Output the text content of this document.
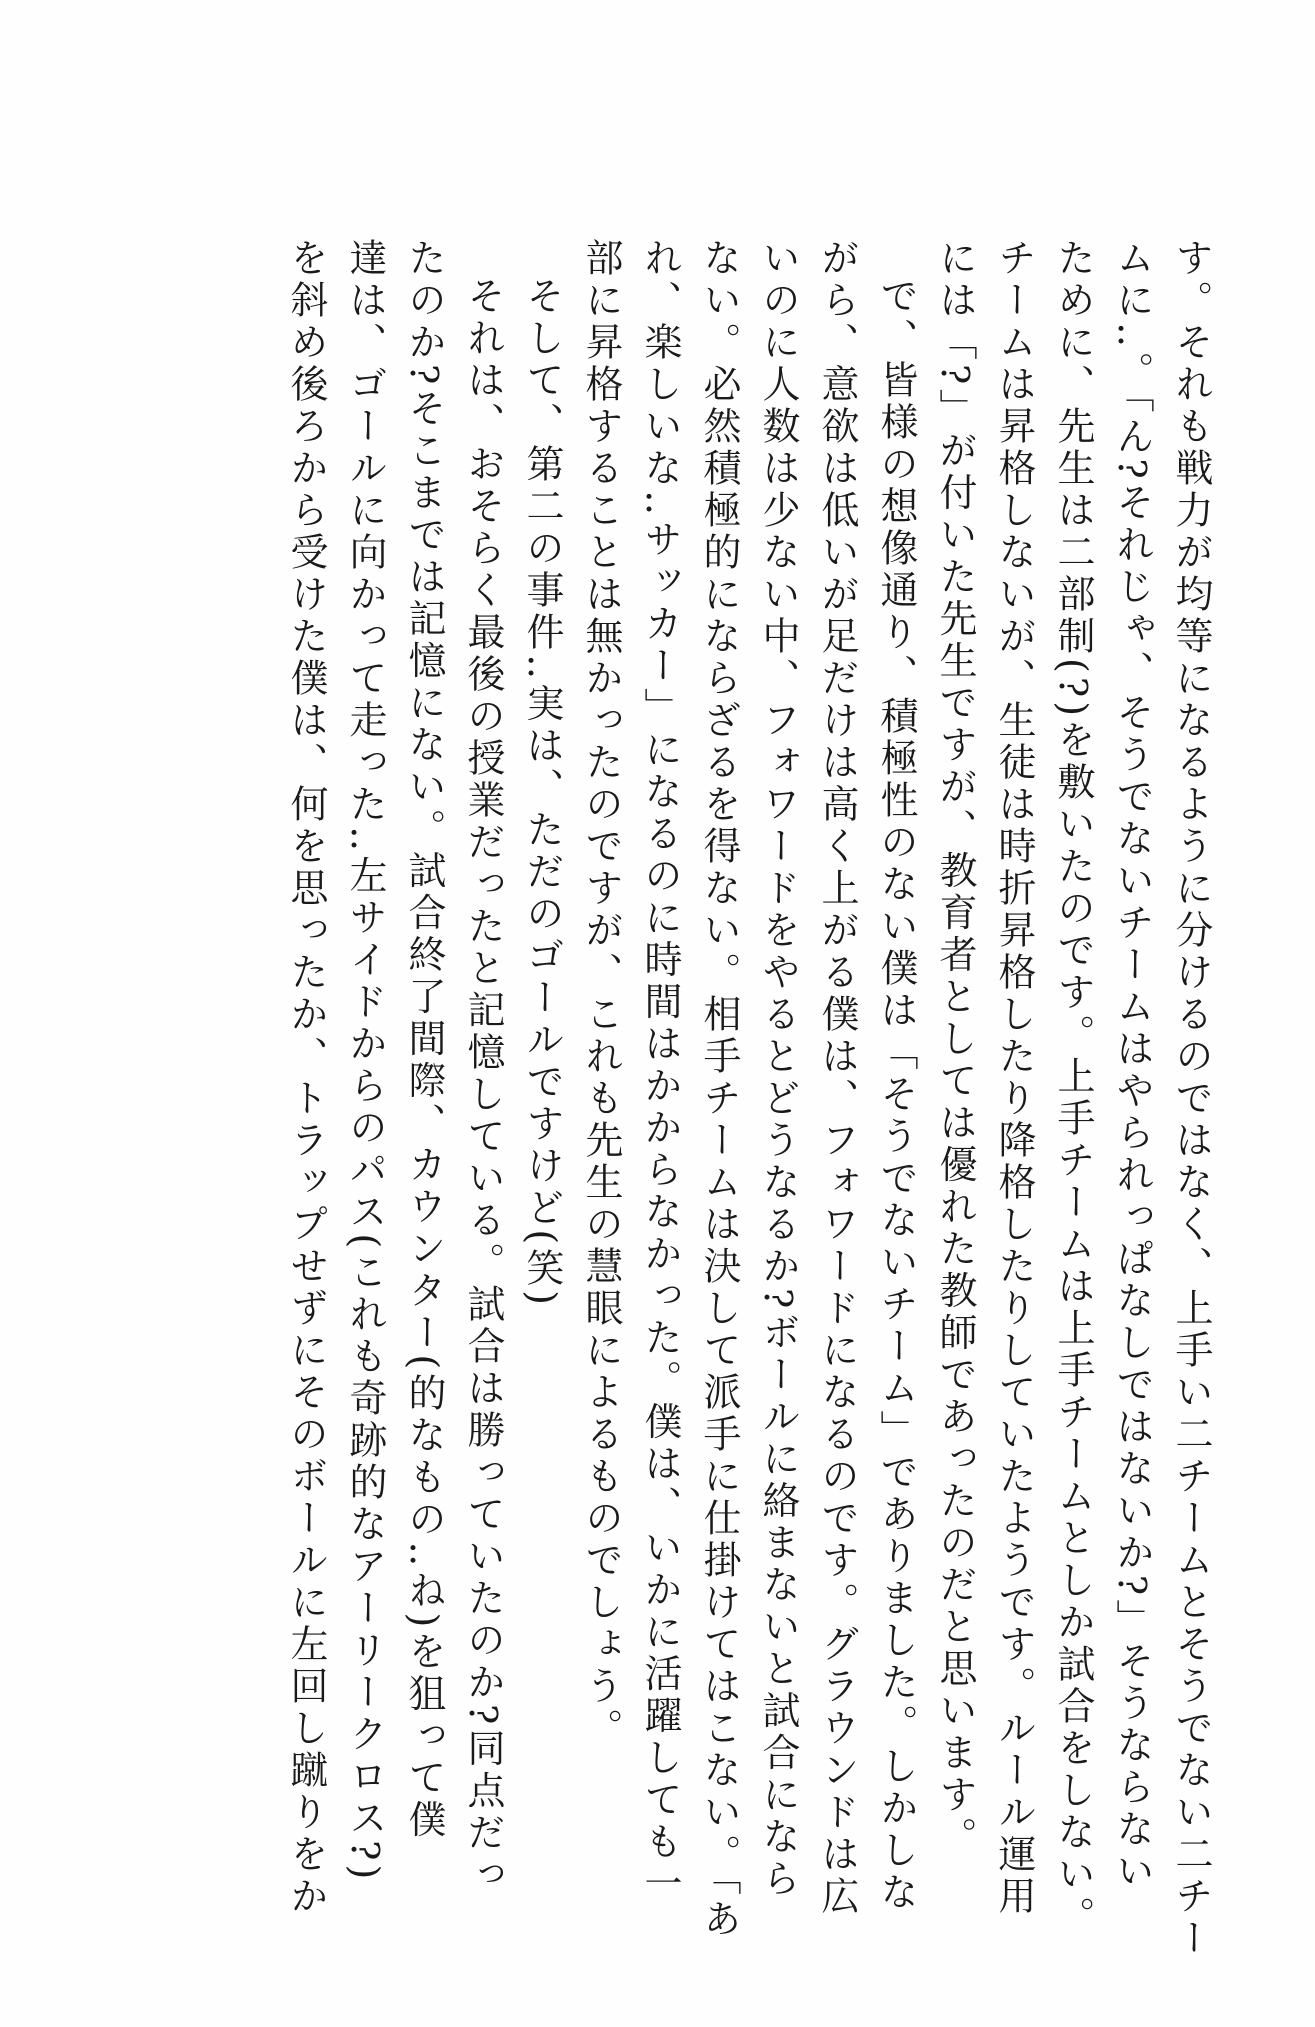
す。それも戦力が均等になるように分けるのではなく、上手い二チームとそうでない二チー
ムに‥。「ん?それじゃ、そうでないチームはやられっぱなしではないか?」そうならない
ために、先生は二部制(?)を敷いたのです。上手チームは上手チームとしか試合をしない。
チームは昇格しないが、生徒は時折昇格したり降格したりしていたようです。ルール運用
には「?」が付いた先生ですが、教育者としては優れた教師であったのだと思います。
で、皆様の想像通り、積極性のない僕は「そうでないチーム」でありました。しかしな
がら、意欲は低いが足だけは高く上がる僕は、フォワードになるのです。グラウンドは広
いのに人数は少ない中、フォワードをやるとどうなるか?ボールに絡まないと試合になら
ない。必然積極的にならざるを得ない。相手チームは決して派手に仕掛けてはこない。「あ
れ、楽しいな‥サッカー」になるのに時間はかからなかった。僕は、いかに活躍しても一
部に昇格することは無かったのですが、これも先生の慧眼によるものでしょう。
そして、第二の事件‥実は、ただのゴールですけど(笑)
それは、おそらく最後の授業だったと記憶している。試合は勝っていたのか?同点だっ
たのか?そこまでは記憶にない。試合終了間際、カウンター(的なもの‥ね)を狙って僕
達は、ゴールに向かって走った‥左サイドからのパス(これも奇跡的なアーリークロス?)
を斜め後ろから受けた僕は、何を思ったか、トラップせずにそのボールに左回し蹴りをか
